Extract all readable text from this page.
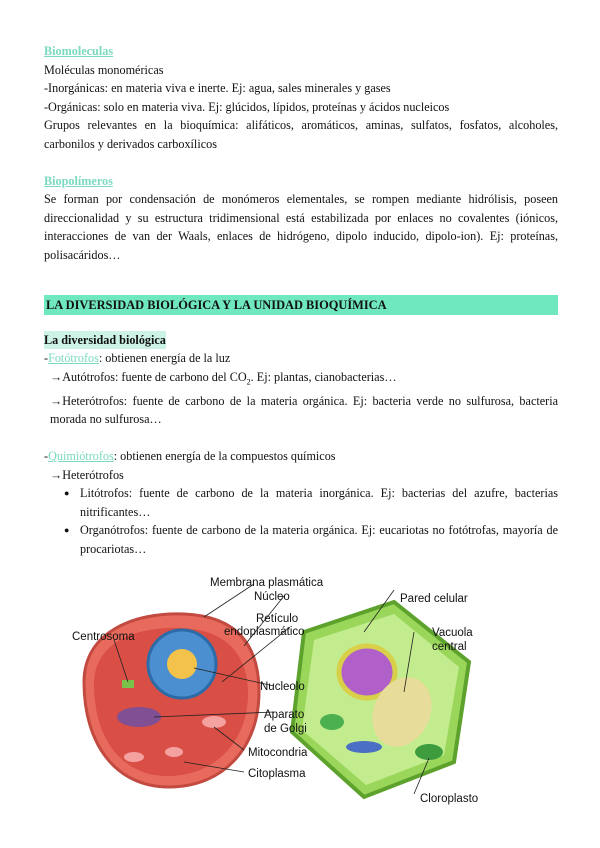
Biomoleculas

Moléculas monoméricas

-Inorgánicas: en materia viva e inerte. Ej: agua, sales minerales y gases

-Orgánicas: solo en materia viva. Ej: glúcidos, lípidos, proteínas y ácidos nucleicos

Grupos relevantes en la bioquímica: alifáticos, aromáticos, aminas, sulfatos, fosfatos, alcoholes, carbonilos y derivados carboxílicos

Biopolímeros

Se forman por condensación de monómeros elementales, se rompen mediante hidrólisis, poseen direccionalidad y su estructura tridimensional está estabilizada por enlaces no covalentes (iónicos, interacciones de van der Waals, enlaces de hidrógeno, dipolo inducido, dipolo-ion). Ej: proteínas, polisacáridos…

LA DIVERSIDAD BIOLÓGICA Y LA UNIDAD BIOQUÍMICA
La diversidad biológica
-Fotótrofos: obtienen energía de la luz
→Autótrofos: fuente de carbono del $CO_2$. Ej: plantas, cianobacterias…
→Heterótrofos: fuente de carbono de la materia orgánica. Ej: bacteria verde no sulfurosa, bacteria morada no sulfurosa…
-Quimiótrofos: obtienen energía de la compuestos químicos
→Heterótrofos
● Litótrofos: fuente de carbono de la materia inorgánica. Ej: bacterias del azufre, bacterias nitrificantes…
● Organótrofos: fuente de carbono de la materia orgánica. Ej: eucariotas no fotótrofas, mayoría de procariotas…
Membrana plasmática
Núcleo	Pared celular
Retículo
endoplasmático
Centrosoma	Vacuola
central
Nucleolo
Aparato
de Golgi
Mitocondria
Citoplasma
Cloroplasto
